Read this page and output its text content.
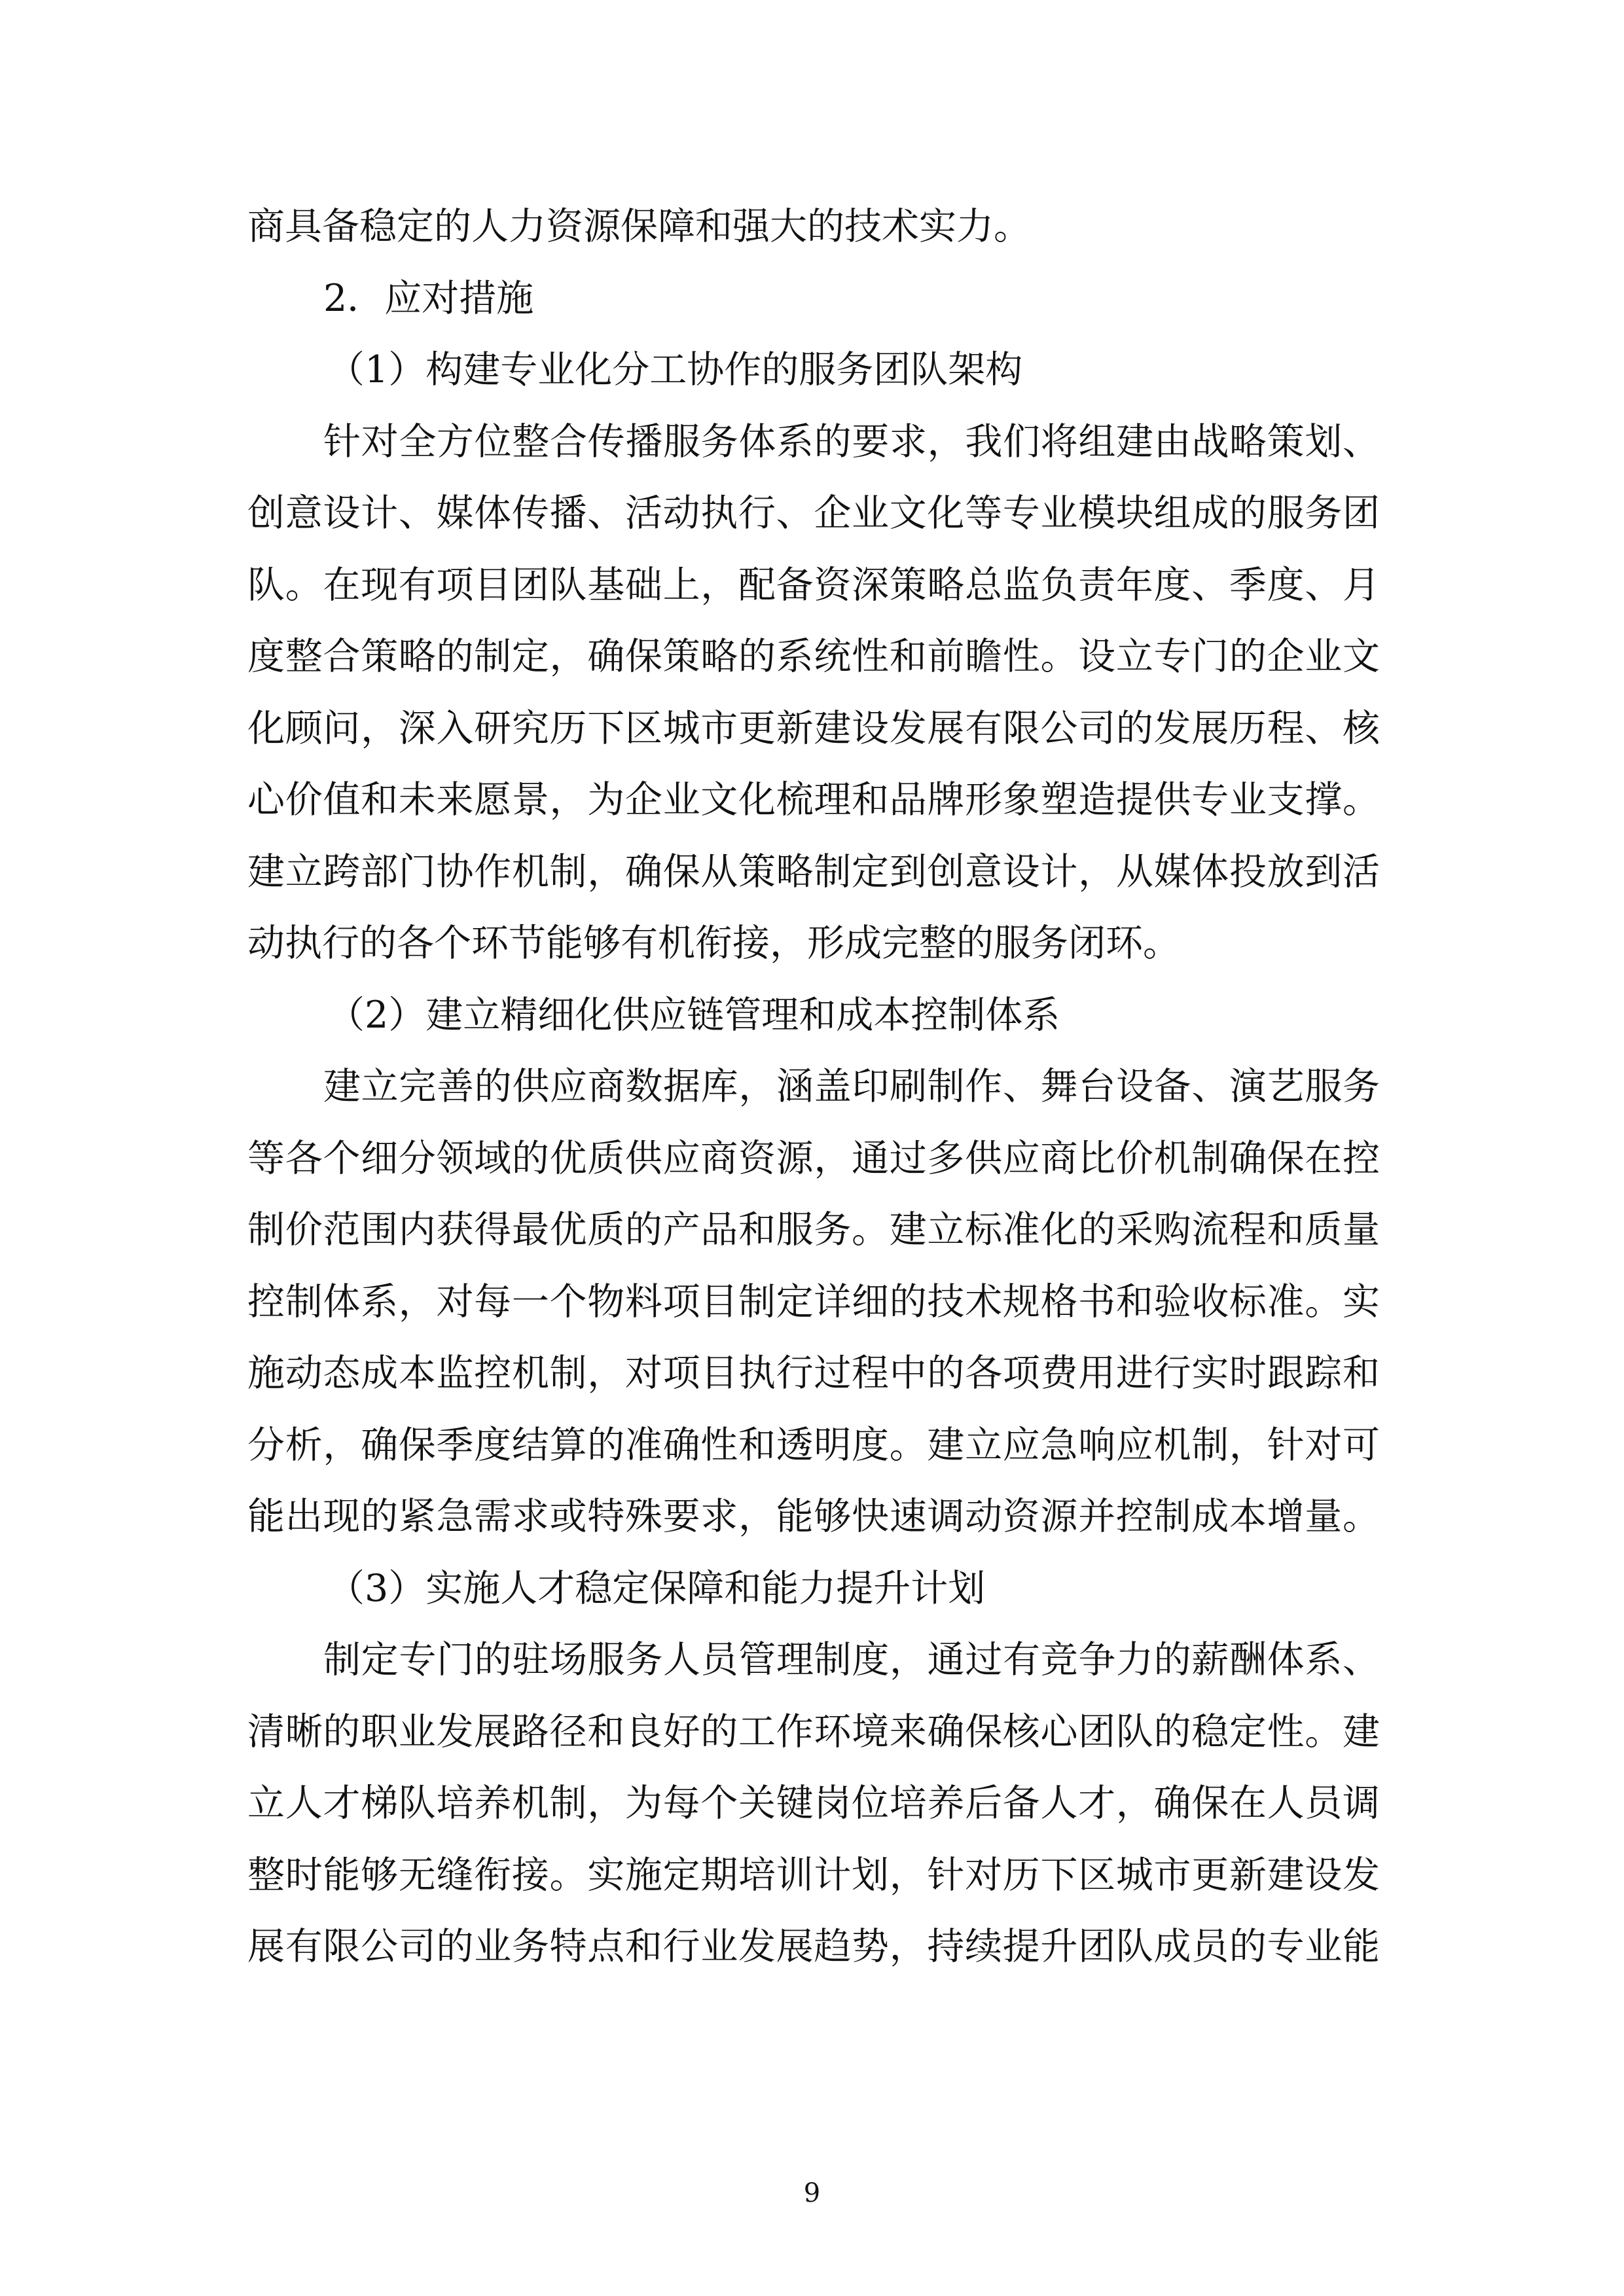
商具备稳定的人力资源保障和强大的技术实力。
2．应对措施
（1）构建专业化分工协作的服务团队架构
针对全方位整合传播服务体系的要求，我们将组建由战略策划、
创意设计、媒体传播、活动执行、企业文化等专业模块组成的服务团
队。在现有项目团队基础上，配备资深策略总监负责年度、季度、月
度整合策略的制定，确保策略的系统性和前瞻性。设立专门的企业文
化顾问，深入研究历下区城市更新建设发展有限公司的发展历程、核
心价值和未来愿景，为企业文化梳理和品牌形象塑造提供专业支撑。
建立跨部门协作机制，确保从策略制定到创意设计，从媒体投放到活
动执行的各个环节能够有机衔接，形成完整的服务闭环。
（2）建立精细化供应链管理和成本控制体系
建立完善的供应商数据库，涵盖印刷制作、舞台设备、演艺服务
等各个细分领域的优质供应商资源，通过多供应商比价机制确保在控
制价范围内获得最优质的产品和服务。建立标准化的采购流程和质量
控制体系，对每一个物料项目制定详细的技术规格书和验收标准。实
施动态成本监控机制，对项目执行过程中的各项费用进行实时跟踪和
分析，确保季度结算的准确性和透明度。建立应急响应机制，针对可
能出现的紧急需求或特殊要求，能够快速调动资源并控制成本增量。
（3）实施人才稳定保障和能力提升计划
制定专门的驻场服务人员管理制度，通过有竞争力的薪酬体系、
清晰的职业发展路径和良好的工作环境来确保核心团队的稳定性。建
立人才梯队培养机制，为每个关键岗位培养后备人才，确保在人员调
整时能够无缝衔接。实施定期培训计划，针对历下区城市更新建设发
展有限公司的业务特点和行业发展趋势，持续提升团队成员的专业能
9
